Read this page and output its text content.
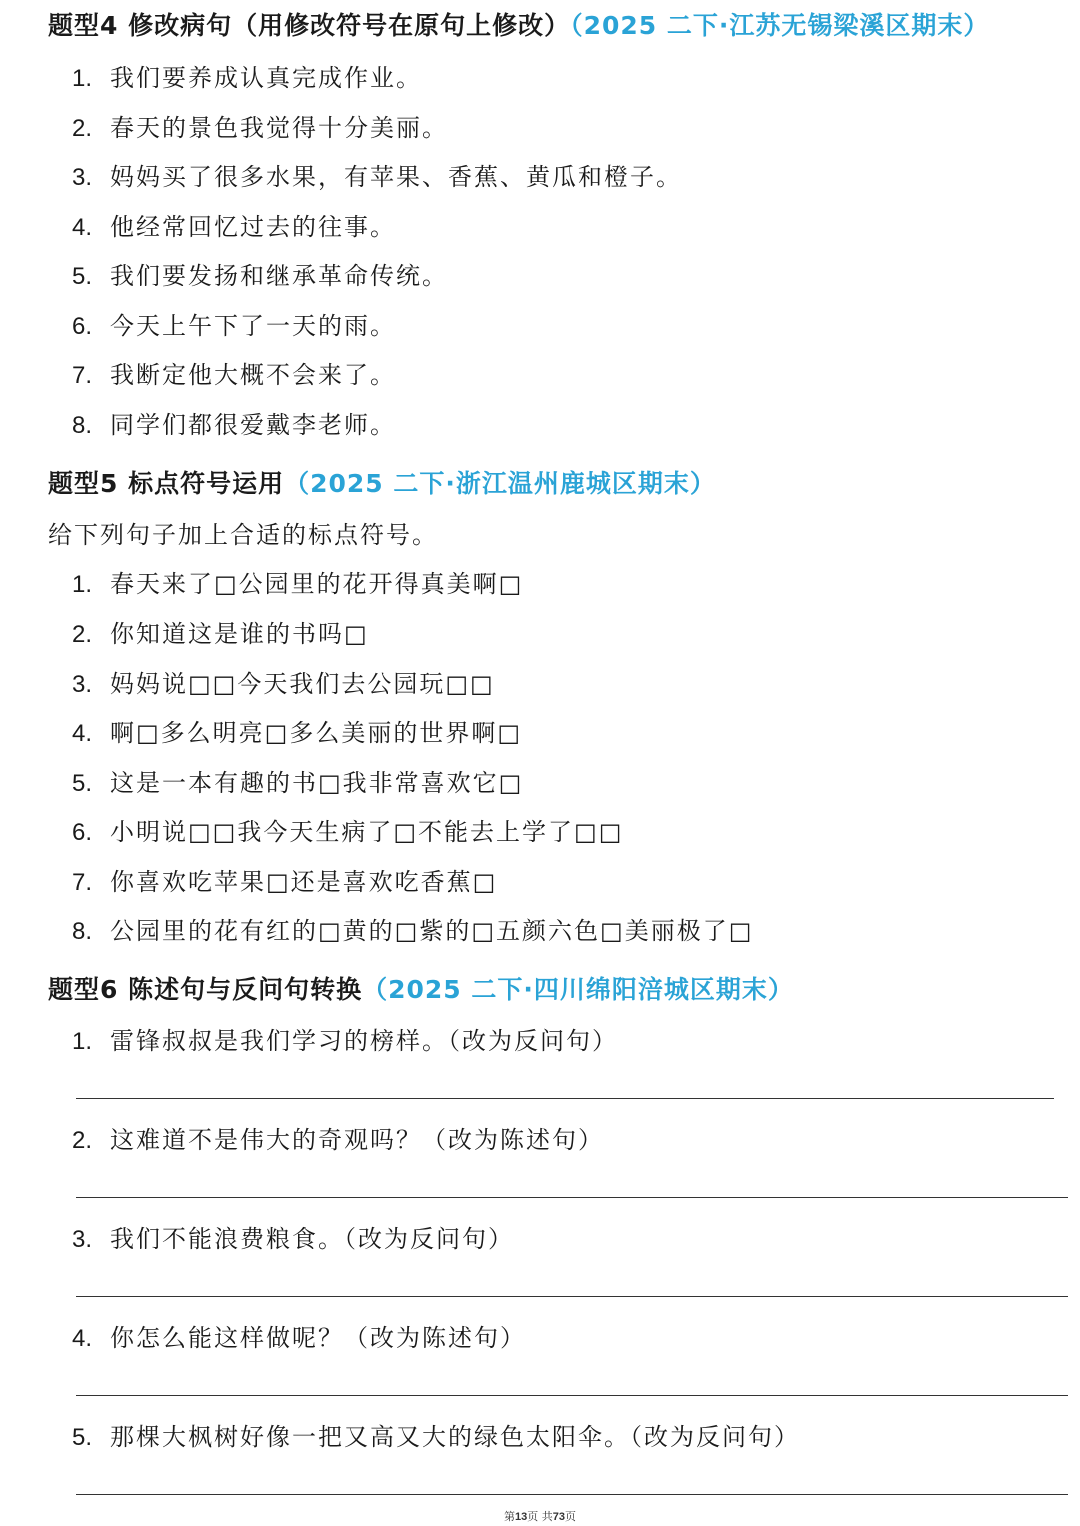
题型4 修改病句（用修改符号在原句上修改）（2025 二下·江苏无锡梁溪区期末）
1. 我们要养成认真完成作业。
2. 春天的景色我觉得十分美丽。
3. 妈妈买了很多水果，有苹果、香蕉、黄瓜和橙子。
4. 他经常回忆过去的往事。
5. 我们要发扬和继承革命传统。
6. 今天上午下了一天的雨。
7. 我断定他大概不会来了。
8. 同学们都很爱戴李老师。
题型5 标点符号运用（2025 二下·浙江温州鹿城区期末）
给下列句子加上合适的标点符号。
1. 春天来了□公园里的花开得真美啊□
2. 你知道这是谁的书吗□
3. 妈妈说□□今天我们去公园玩□□
4. 啊□多么明亮□多么美丽的世界啊□
5. 这是一本有趣的书□我非常喜欢它□
6. 小明说□□我今天生病了□不能去上学了□□
7. 你喜欢吃苹果□还是喜欢吃香蕉□
8. 公园里的花有红的□黄的□紫的□五颜六色□美丽极了□
题型6 陈述句与反问句转换（2025 二下·四川绵阳涪城区期末）
1. 雷锋叔叔是我们学习的榜样。（改为反问句）
2. 这难道不是伟大的奇观吗？（改为陈述句）
3. 我们不能浪费粮食。（改为反问句）
4. 你怎么能这样做呢？（改为陈述句）
5. 那棵大枫树好像一把又高又大的绿色太阳伞。（改为反问句）
第13页 共73页
